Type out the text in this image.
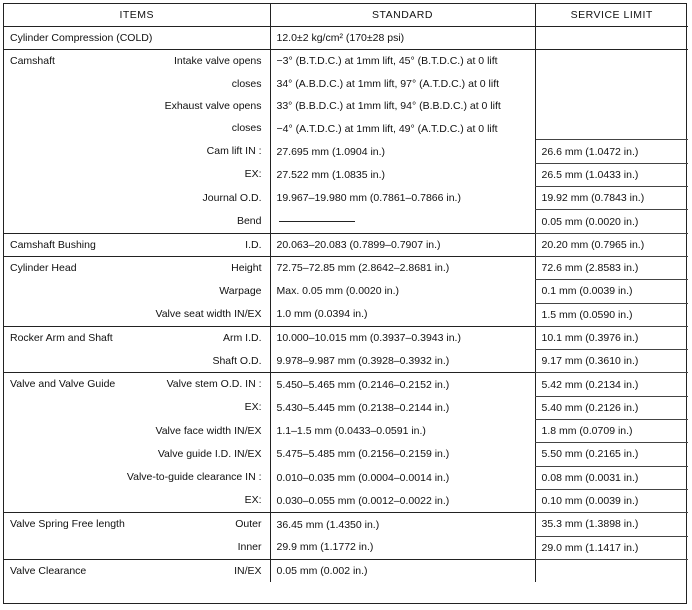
ITEMS	STANDARD	SERVICE LIMIT

Cylinder Compression (COLD)	12.0±2 kg/cm² (170±28 psi)	

Camshaft Intake valve opens	−3° (B.T.D.C.) at 1mm lift, 45° (B.T.D.C.) at 0 lift	

closes	34° (A.B.D.C.) at 1mm lift, 97° (A.T.D.C.) at 0 lift	

Exhaust valve opens	33° (B.B.D.C.) at 1mm lift, 94° (B.B.D.C.) at 0 lift	

closes	−4° (A.T.D.C.) at 1mm lift, 49° (A.T.D.C.) at 0 lift	

Cam lift IN :	27.695 mm (1.0904 in.)	26.6 mm (1.0472 in.)

EX:	27.522 mm (1.0835 in.)	26.5 mm (1.0433 in.)

Journal O.D.	19.967–19.980 mm (0.7861–0.7866 in.)	19.92 mm (0.7843 in.)

Bend		0.05 mm (0.0020 in.)

Camshaft Bushing I.D.	20.063–20.083 (0.7899–0.7907 in.)	20.20 mm (0.7965 in.)

Cylinder Head Height	72.75–72.85 mm (2.8642–2.8681 in.)	72.6 mm (2.8583 in.)

Warpage	Max. 0.05 mm (0.0020 in.)	0.1 mm (0.0039 in.)

Valve seat width IN/EX	1.0 mm (0.0394 in.)	1.5 mm (0.0590 in.)

Rocker Arm and Shaft Arm I.D.	10.000–10.015 mm (0.3937–0.3943 in.)	10.1 mm (0.3976 in.)

Shaft O.D.	9.978–9.987 mm (0.3928–0.3932 in.)	9.17 mm (0.3610 in.)

Valve and Valve Guide Valve stem O.D. IN :	5.450–5.465 mm (0.2146–0.2152 in.)	5.42 mm (0.2134 in.)

EX:	5.430–5.445 mm (0.2138–0.2144 in.)	5.40 mm (0.2126 in.)

Valve face width IN/EX	1.1–1.5 mm (0.0433–0.0591 in.)	1.8 mm (0.0709 in.)

Valve guide I.D. IN/EX	5.475–5.485 mm (0.2156–0.2159 in.)	5.50 mm (0.2165 in.)

Valve-to-guide clearance IN :	0.010–0.035 mm (0.0004–0.0014 in.)	0.08 mm (0.0031 in.)

EX:	0.030–0.055 mm (0.0012–0.0022 in.)	0.10 mm (0.0039 in.)

Valve Spring Free length Outer	36.45 mm (1.4350 in.)	35.3 mm (1.3898 in.)

Inner	29.9 mm (1.1772 in.)	29.0 mm (1.1417 in.)

Valve Clearance IN/EX	0.05 mm (0.002 in.)	
